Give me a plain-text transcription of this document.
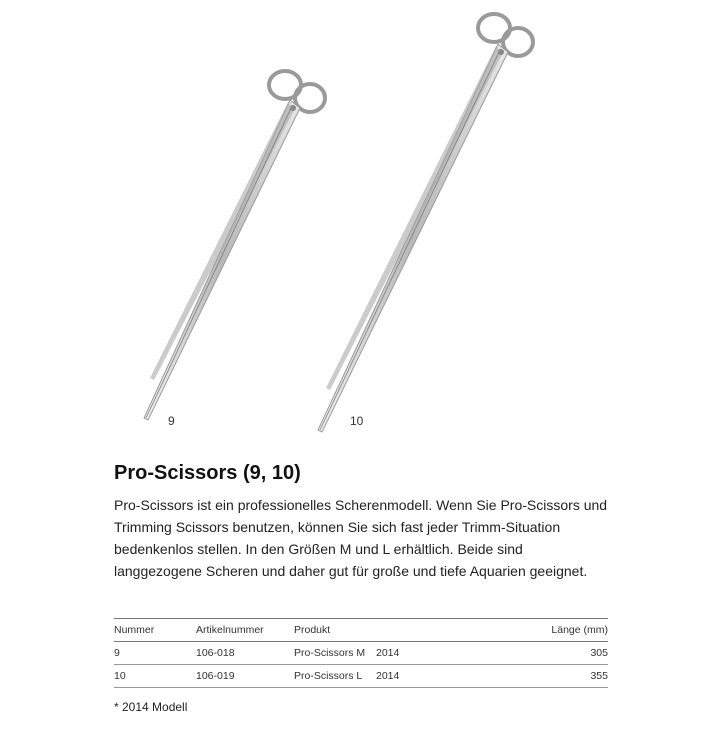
9	10
Pro-Scissors (9, 10)

Pro-Scissors ist ein professionelles Scherenmodell. Wenn Sie Pro-Scissors und Trimming Scissors benutzen, können Sie sich fast jeder Trimm-Situation bedenkenlos stellen. In den Größen M und L erhältlich. Beide sind langgezogene Scheren und daher gut für große und tiefe Aquarien geeignet.

Nummer	Artikelnummer	Produkt		Länge (mm)
9	106-018	Pro-Scissors M	2014	305
10	106-019	Pro-Scissors L	2014	355

* 2014 Modell
